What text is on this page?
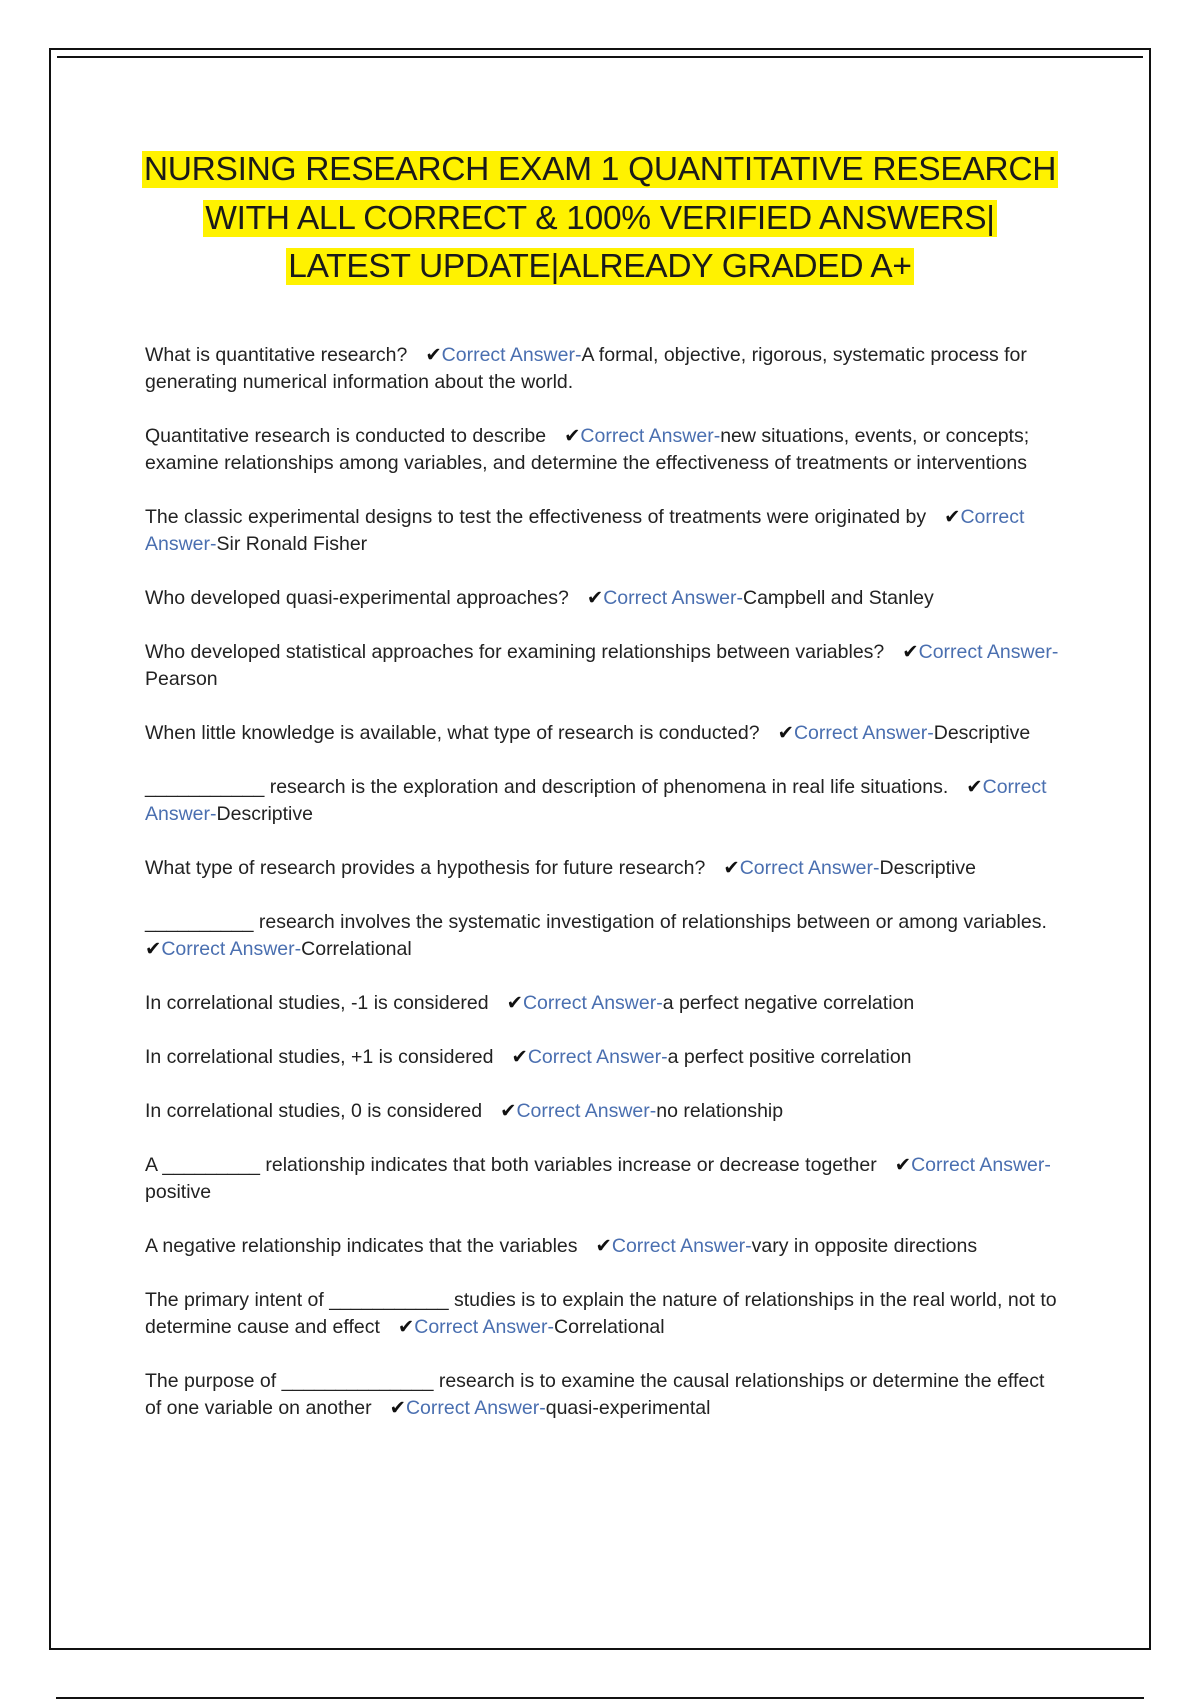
NURSING RESEARCH EXAM 1 QUANTITATIVE RESEARCH
WITH ALL CORRECT & 100% VERIFIED ANSWERS|
LATEST UPDATE|ALREADY GRADED A+

What is quantitative research? ✔Correct Answer-A formal, objective, rigorous, systematic process for generating numerical information about the world.

Quantitative research is conducted to describe ✔Correct Answer-new situations, events, or concepts; examine relationships among variables, and determine the effectiveness of treatments or interventions

The classic experimental designs to test the effectiveness of treatments were originated by ✔Correct Answer-Sir Ronald Fisher

Who developed quasi-experimental approaches? ✔Correct Answer-Campbell and Stanley

Who developed statistical approaches for examining relationships between variables? ✔Correct Answer-Pearson

When little knowledge is available, what type of research is conducted? ✔Correct Answer-Descriptive

___________ research is the exploration and description of phenomena in real life situations. ✔Correct Answer-Descriptive

What type of research provides a hypothesis for future research? ✔Correct Answer-Descriptive

__________ research involves the systematic investigation of relationships between or among variables.✔Correct Answer-Correlational

In correlational studies, -1 is considered ✔Correct Answer-a perfect negative correlation

In correlational studies, +1 is considered ✔Correct Answer-a perfect positive correlation

In correlational studies, 0 is considered ✔Correct Answer-no relationship

A _________ relationship indicates that both variables increase or decrease together ✔Correct Answer-positive

A negative relationship indicates that the variables ✔Correct Answer-vary in opposite directions

The primary intent of ___________ studies is to explain the nature of relationships in the real world, not to determine cause and effect ✔Correct Answer-Correlational

The purpose of ______________ research is to examine the causal relationships or determine the effect of one variable on another ✔Correct Answer-quasi-experimental
